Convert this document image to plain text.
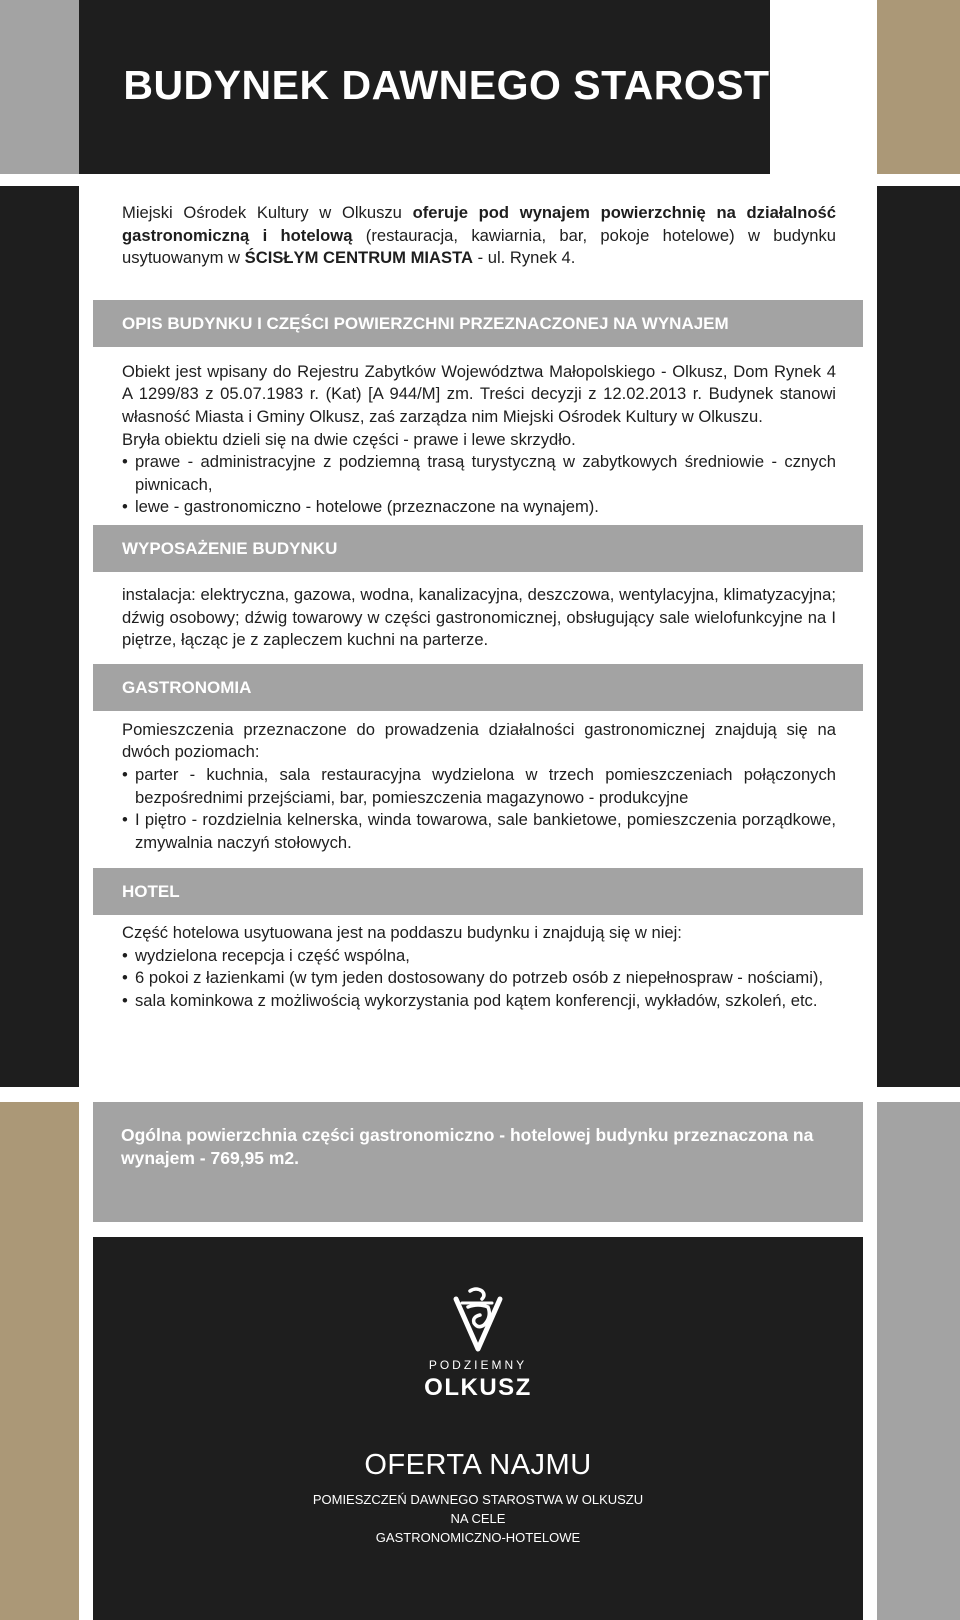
BUDYNEK DAWNEGO STAROSTWA

Miejski Ośrodek Kultury w Olkuszu oferuje pod wynajem powierzchnię na działalność gastronomiczną i hotelową (restauracja, kawiarnia, bar, pokoje hotelowe) w budynku usytuowanym w ŚCISŁYM CENTRUM MIASTA - ul. Rynek 4.

OPIS BUDYNKU I CZĘŚCI POWIERZCHNI PRZEZNACZONEJ NA WYNAJEM

Obiekt jest wpisany do Rejestru Zabytków Województwa Małopolskiego - Olkusz, Dom Rynek 4 A 1299/83 z 05.07.1983 r. (Kat) [A 944/M] zm. Treści decyzji z 12.02.2013 r. Budynek stanowi własność Miasta i Gminy Olkusz, zaś zarządza nim Miejski Ośrodek Kultury w Olkuszu.

Bryła obiektu dzieli się na dwie części - prawe i lewe skrzydło.

• prawe - administracyjne z podziemną trasą turystyczną w zabytkowych średniowie - cznych piwnicach,
• lewe - gastronomiczno - hotelowe (przeznaczone na wynajem).
WYPOSAŻENIE BUDYNKU

instalacja: elektryczna, gazowa, wodna, kanalizacyjna, deszczowa, wentylacyjna, klimatyzacyjna; dźwig osobowy; dźwig towarowy w części gastronomicznej, obsługujący sale wielofunkcyjne na I piętrze, łącząc je z zapleczem kuchni na parterze.

GASTRONOMIA

Pomieszczenia przeznaczone do prowadzenia działalności gastronomicznej znajdują się na dwóch poziomach:

• parter - kuchnia, sala restauracyjna wydzielona w trzech pomieszczeniach połączonych bezpośrednimi przejściami, bar, pomieszczenia magazynowo - produkcyjne
• I piętro - rozdzielnia kelnerska, winda towarowa, sale bankietowe, pomieszczenia porządkowe, zmywalnia naczyń stołowych.
HOTEL

Część hotelowa usytuowana jest na poddaszu budynku i znajdują się w niej:

• wydzielona recepcja i część wspólna,
• 6 pokoi z łazienkami (w tym jeden dostosowany do potrzeb osób z niepełnospraw - nościami),
• sala kominkowa z możliwością wykorzystania pod kątem konferencji, wykładów, szkoleń, etc.
Ogólna powierzchnia części gastronomiczno - hotelowej budynku przeznaczona na wynajem - 769,95 m2.
PODZIEMNY
OLKUSZ
OFERTA NAJMU
POMIESZCZEŃ DAWNEGO STAROSTWA W OLKUSZU
NA CELE
GASTRONOMICZNO-HOTELOWE
